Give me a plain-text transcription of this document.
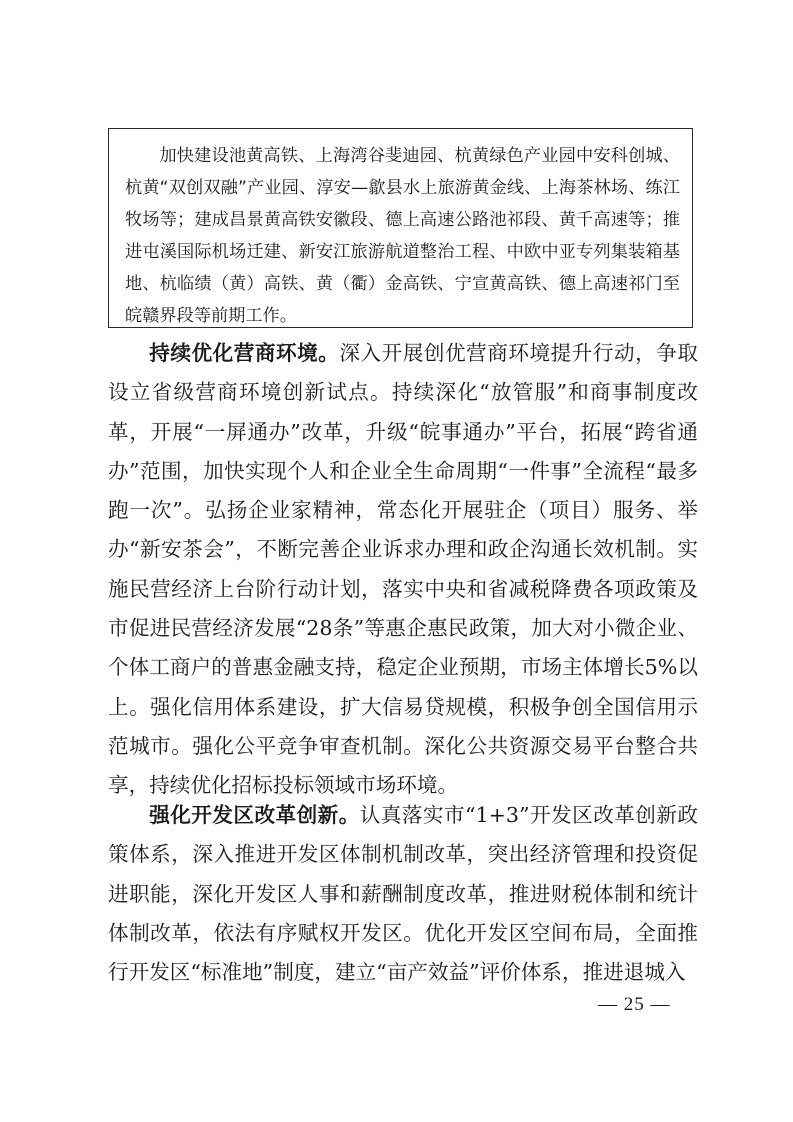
加快建设池黄高铁、上海湾谷斐迪园、杭黄绿色产业园中安科创城、杭黄“双创双融”产业园、淳安—歙县水上旅游黄金线、上海茶林场、练江牧场等；建成昌景黄高铁安徽段、德上高速公路池祁段、黄千高速等；推进屯溪国际机场迁建、新安江旅游航道整治工程、中欧中亚专列集装箱基地、杭临绩（黄）高铁、黄（衢）金高铁、宁宣黄高铁、德上高速祁门至皖赣界段等前期工作。

持续优化营商环境。深入开展创优营商环境提升行动，争取设立省级营商环境创新试点。持续深化“放管服”和商事制度改革，开展“一屏通办”改革，升级“皖事通办”平台，拓展“跨省通办”范围，加快实现个人和企业全生命周期“一件事”全流程“最多跑一次”。弘扬企业家精神，常态化开展驻企（项目）服务、举办“新安茶会”，不断完善企业诉求办理和政企沟通长效机制。实施民营经济上台阶行动计划，落实中央和省减税降费各项政策及市促进民营经济发展“28条”等惠企惠民政策，加大对小微企业、个体工商户的普惠金融支持，稳定企业预期，市场主体增长5%以上。强化信用体系建设，扩大信易贷规模，积极争创全国信用示范城市。强化公平竞争审查机制。深化公共资源交易平台整合共享，持续优化招标投标领域市场环境。

强化开发区改革创新。认真落实市“1+3”开发区改革创新政策体系，深入推进开发区体制机制改革，突出经济管理和投资促进职能，深化开发区人事和薪酬制度改革，推进财税体制和统计体制改革，依法有序赋权开发区。优化开发区空间布局，全面推行开发区“标准地”制度，建立“亩产效益”评价体系，推进退城入

— 25 —
